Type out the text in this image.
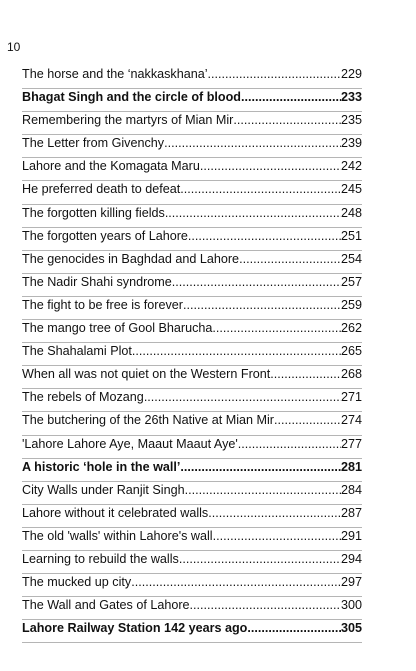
10
The horse and the ‘nakkaskhana’ .....	229
Bhagat Singh and the circle of blood .....	233
Remembering the martyrs of Mian Mir .....	235
The Letter from Givenchy .....	239
Lahore and the Komagata Maru .....	242
He preferred death to defeat .....	245
The forgotten killing fields .....	248
The forgotten years of Lahore .....	251
The genocides in Baghdad and Lahore .....	254
The Nadir Shahi syndrome .....	257
The fight to be free is forever .....	259
The mango tree of Gool Bharucha .....	262
The Shahalami Plot .....	265
When all was not quiet on the Western Front .....	268
The rebels of Mozang .....	271
The butchering of the 26th Native at Mian Mir .....	274
'Lahore Lahore Aye, Maaut Maaut Aye' .....	277
A historic ‘hole in the wall’ .....	281
City Walls under Ranjit Singh .....	284
Lahore without it celebrated walls .....	287
The old 'walls' within Lahore's wall .....	291
Learning to rebuild the walls .....	294
The mucked up city .....	297
The Wall and Gates of Lahore .....	300
Lahore Railway Station 142 years ago .....	305
